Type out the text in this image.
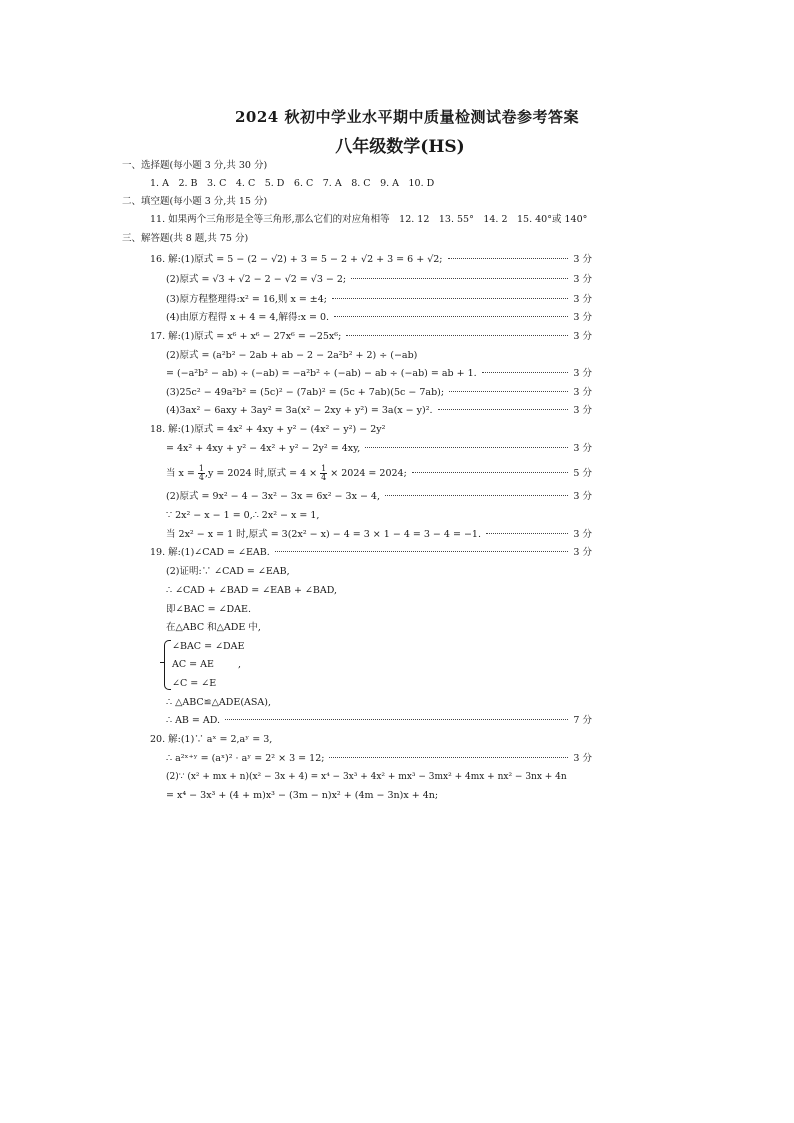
2024 秋初中学业水平期中质量检测试卷参考答案
八年级数学(HS)
一、选择题(每小题 3 分,共 30 分)
1. A　2. B　3. C　4. C　5. D　6. C　7. A　8. C　9. A　10. D
二、填空题(每小题 3 分,共 15 分)
11. 如果两个三角形是全等三角形,那么它们的对应角相等　12. 12　13. 55°　14. 2　15. 40°或 140°
三、解答题(共 8 题,共 75 分)
16. 解:(1)原式 = 5 − (2 − √2) + 3 = 5 − 2 + √2 + 3 = 6 + √2;	3 分
(2)原式 = √3 + √2 − 2 − √2 = √3 − 2;	3 分
(3)原方程整理得:x² = 16,则 x = ±4;	3 分
(4)由原方程得 x + 4 = 4,解得:x = 0.	3 分
17. 解:(1)原式 = x⁶ + x⁶ − 27x⁶ = −25x⁶;	3 分
(2)原式 = (a²b² − 2ab + ab − 2 − 2a²b² + 2) ÷ (−ab)
= (−a²b² − ab) ÷ (−ab) = −a²b² ÷ (−ab) − ab ÷ (−ab) = ab + 1.	3 分
(3)25c² − 49a²b² = (5c)² − (7ab)² = (5c + 7ab)(5c − 7ab);	3 分
(4)3ax² − 6axy + 3ay² = 3a(x² − 2xy + y²) = 3a(x − y)².	3 分
18. 解:(1)原式 = 4x² + 4xy + y² − (4x² − y²) − 2y²
= 4x² + 4xy + y² − 4x² + y² − 2y² = 4xy,	3 分
当 $x = \frac{1}{4} ,y = 2024$ 时,原式 = $4 \times \frac{1}{4} \times 2024 = 2024$;	5 分
(2)原式 = 9x² − 4 − 3x² − 3x = 6x² − 3x − 4,	3 分
∵ 2x² − x − 1 = 0,∴ 2x² − x = 1,
当 2x² − x = 1 时,原式 = 3(2x² − x) − 4 = 3 × 1 − 4 = 3 − 4 = −1.	3 分
19. 解:(1)∠CAD = ∠EAB.	3 分
(2)证明:∵ ∠CAD = ∠EAB,
∴ ∠CAD + ∠BAD = ∠EAB + ∠BAD,
即∠BAC = ∠DAE.
在△ABC 和△ADE 中,
∠BAC = ∠DAE
AC = AE	,
∠C = ∠E
∴ △ABC≌△ADE(ASA),
∴ AB = AD.	7 分
20. 解:(1)∵ aˣ = 2,aʸ = 3,
∴ a²ˣ⁺ʸ = (aˣ)² · aʸ = 2² × 3 = 12;	3 分
(2)∵ (x² + mx + n)(x² − 3x + 4) = x⁴ − 3x³ + 4x² + mx³ − 3mx² + 4mx + nx² − 3nx + 4n
= x⁴ − 3x³ + (4 + m)x³ − (3m − n)x² + (4m − 3n)x + 4n;
